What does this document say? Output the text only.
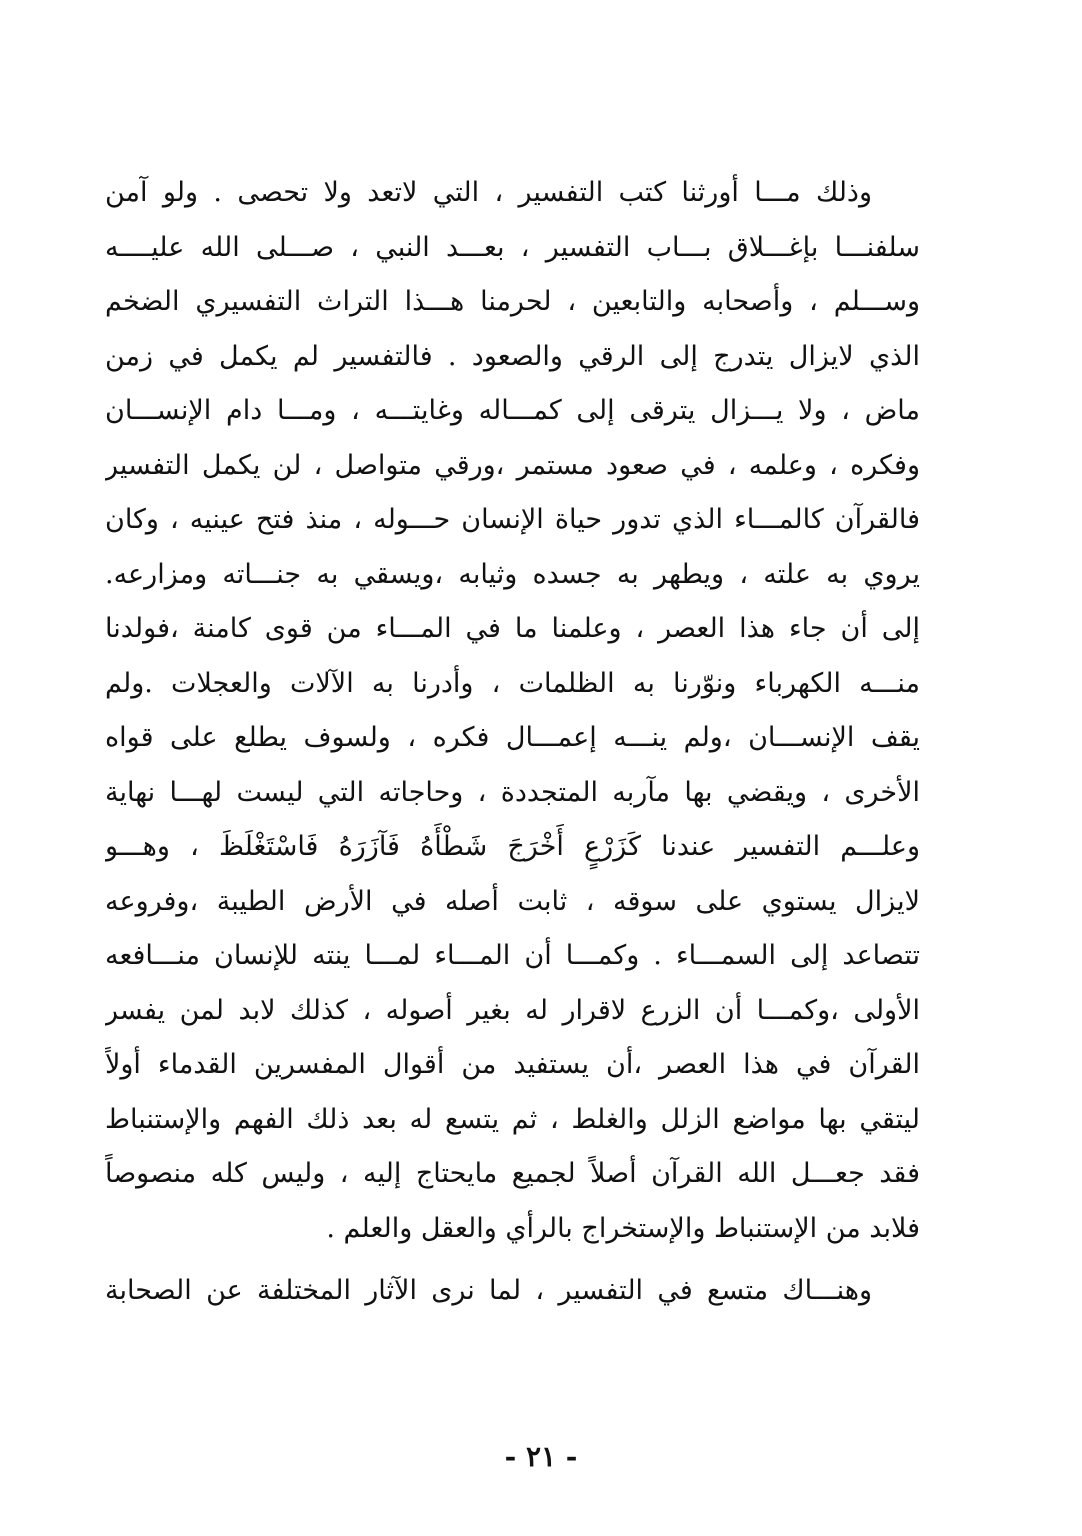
وذلك مـــا أورثنا كتب التفسير ، التي لاتعد ولا تحصى . ولو آمن
سلفنـــا بإغـــلاق بـــاب التفسير ، بعـــد النبي ، صـــلى الله عليــــه
وســـلم ، وأصحابه والتابعين ، لحرمنا هـــذا التراث التفسيري الضخم
الذي لايزال يتدرج إلى الرقي والصعود . فالتفسير لم يكمل في زمن
ماض ، ولا يـــزال يترقى إلى كمـــاله وغايتـــه ، ومـــا دام الإنســـان
وفكره ، وعلمه ، في صعود مستمر ،ورقي متواصل ، لن يكمل التفسير
فالقرآن كالمـــاء الذي تدور حياة الإنسان حـــوله ، منذ فتح عينيه ، وكان
يروي به علته ، ويطهر به جسده وثيابه ،ويسقي به جنـــاته ومزارعه.
إلى أن جاء هذا العصر ، وعلمنا ما في المـــاء من قوى كامنة ،فولدنا
منـــه الكهرباء ونوّرنا به الظلمات ، وأدرنا به الآلات والعجلات .ولم
يقف الإنســـان ،ولم ينـــه إعمـــال فكره ، ولسوف يطلع على قواه
الأخرى ، ويقضي بها مآربه المتجددة ، وحاجاته التي ليست لهـــا نهاية
وعلـــم التفسير عندنا كَزَرْعٍ أَخْرَجَ شَطْأَهُ فَآزَرَهُ فَاسْتَغْلَظَ ، وهـــو
لايزال يستوي على سوقه ، ثابت أصله في الأرض الطيبة ،وفروعه
تتصاعد إلى السمـــاء . وكمـــا أن المـــاء لمـــا ينته للإنسان منـــافعه
الأولى ،وكمـــا أن الزرع لاقرار له بغير أصوله ، كذلك لابد لمن يفسر
القرآن في هذا العصر ،أن يستفيد من أقوال المفسرين القدماء أولاً
ليتقي بها مواضع الزلل والغلط ، ثم يتسع له بعد ذلك الفهم والإستنباط
فقد جعـــل الله القرآن أصلاً لجميع مايحتاج إليه ، وليس كله منصوصاً
فلابد من الإستنباط والإستخراج بالرأي والعقل والعلم .
وهنـــاك متسع في التفسير ، لما نرى الآثار المختلفة عن الصحابة
- ٢١ -
